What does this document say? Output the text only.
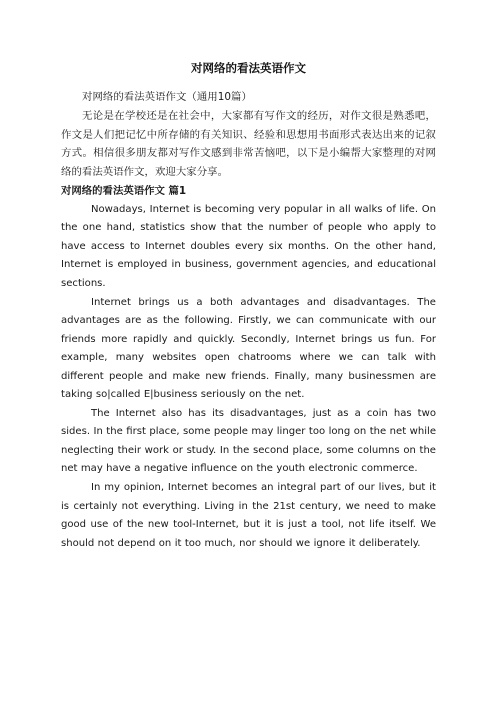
对网络的看法英语作文

对网络的看法英语作文（通用10篇）

无论是在学校还是在社会中，大家都有写作文的经历，对作文很是熟悉吧，作文是人们把记忆中所存储的有关知识、经验和思想用书面形式表达出来的记叙方式。相信很多朋友都对写作文感到非常苦恼吧，以下是小编帮大家整理的对网络的看法英语作文，欢迎大家分享。

对网络的看法英语作文 篇1

Nowadays, Internet is becoming very popular in all walks of life. On the one hand, statistics show that the number of people who apply to have access to Internet doubles every six months. On the other hand, Internet is employed in business, government agencies, and educational sections.

Internet brings us a both advantages and disadvantages. The advantages are as the following. Firstly, we can communicate with our friends more rapidly and quickly. Secondly, Internet brings us fun. For example, many websites open chatrooms where we can talk with different people and make new friends. Finally, many businessmen are taking so|called E|business seriously on the net.

The Internet also has its disadvantages, just as a coin has two sides. In the first place, some people may linger too long on the net while neglecting their work or study. In the second place, some columns on the net may have a negative influence on the youth electronic commerce.

In my opinion, Internet becomes an integral part of our lives, but it is certainly not everything. Living in the 21st century, we need to make good use of the new tool-Internet, but it is just a tool, not life itself. We should not depend on it too much, nor should we ignore it deliberately.
